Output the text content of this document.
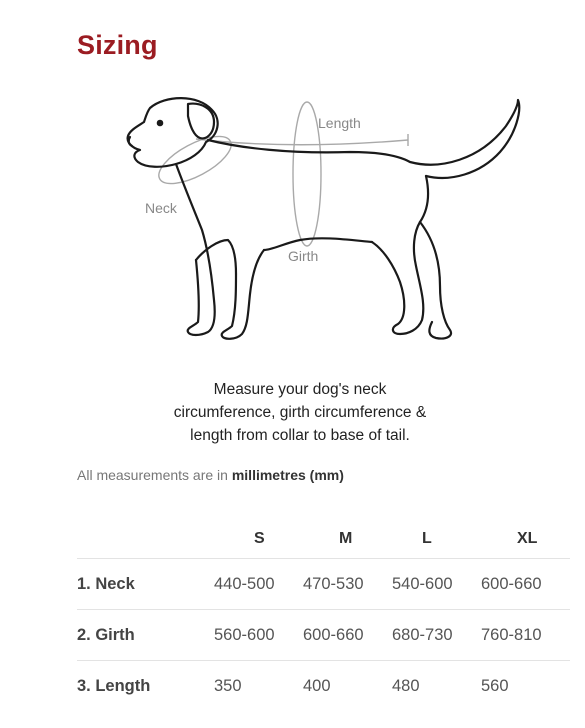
Sizing
Length
Neck
Girth
Measure your dog's neck
circumference, girth circumference &
length from collar to base of tail.
All measurements are in millimetres (mm)
	S	M	L	XL
1. Neck	440-500	470-530	540-600	600-660
2. Girth	560-600	600-660	680-730	760-810
3. Length	350	400	480	560
